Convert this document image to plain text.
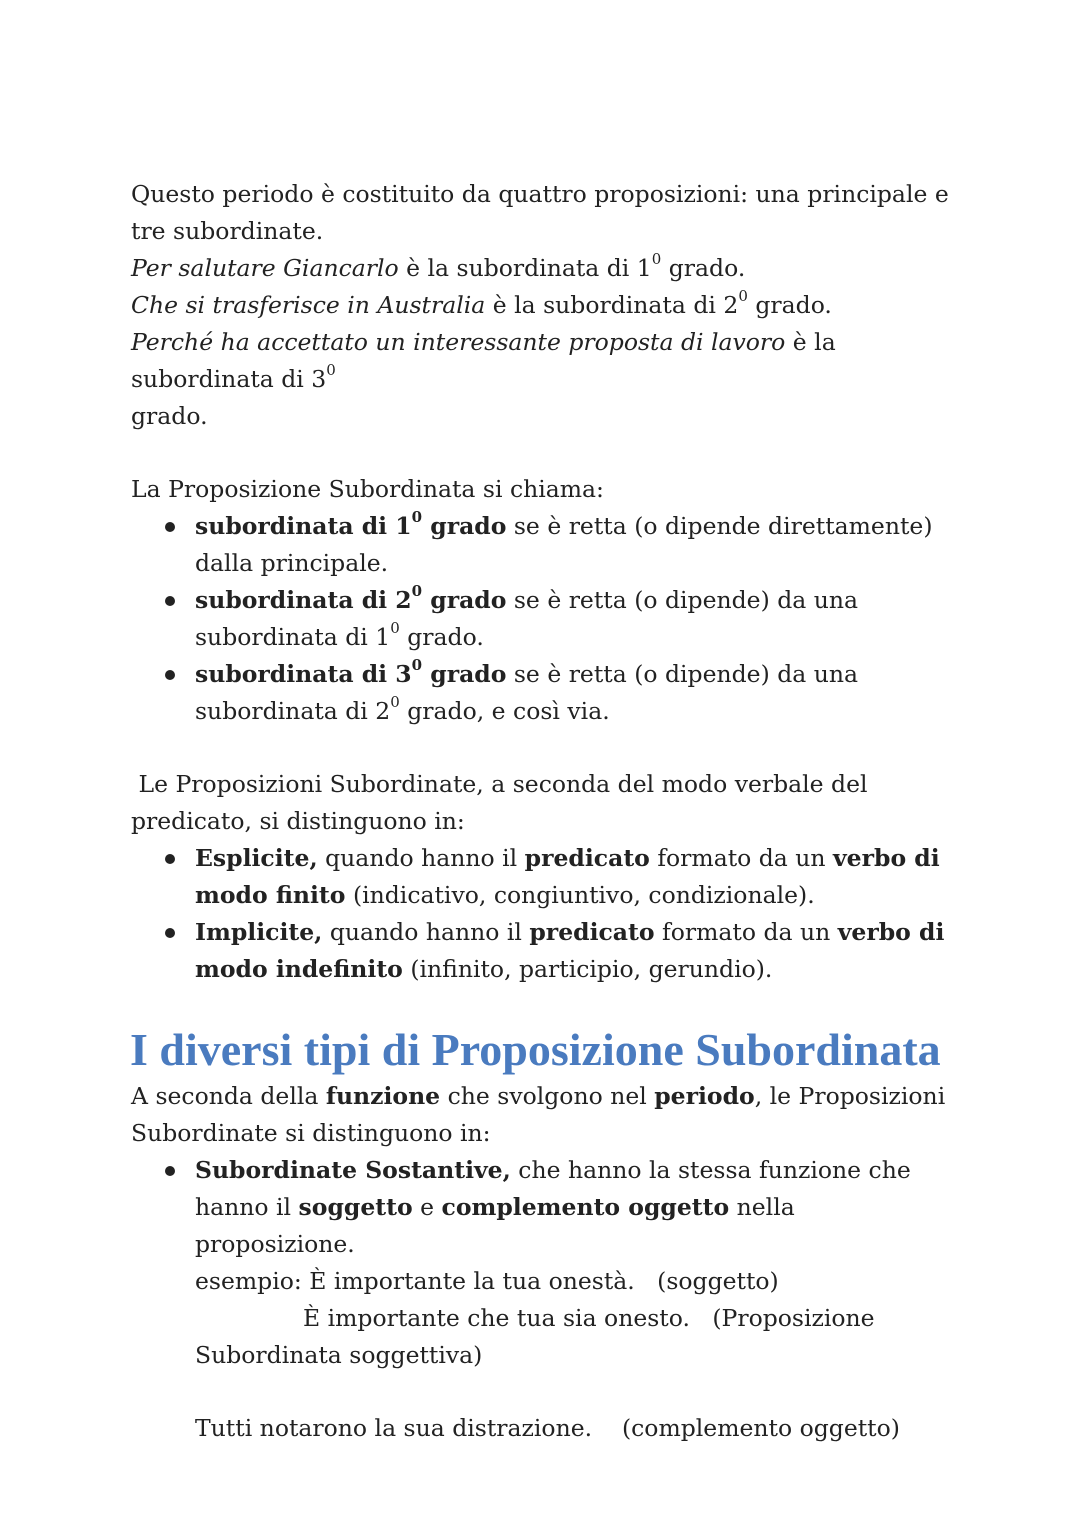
Questo periodo è costituito da quattro proposizioni: una principale e tre subordinate.

Per salutare Giancarlo è la subordinata di $1^0$ grado.

Che si trasferisce in Australia è la subordinata di $2^0$ grado.

Perché ha accettato un interessante proposta di lavoro è la subordinata di $3^0$
grado.

La Proposizione Subordinata si chiama:

subordinata di $1^0$ grado se è retta (o dipende direttamente) dalla principale.
subordinata di $2^0$ grado se è retta (o dipende) da una subordinata di $1^0$ grado.
subordinata di $3^0$ grado se è retta (o dipende) da una subordinata di $2^0$ grado, e così via.

Le Proposizioni Subordinate, a seconda del modo verbale del predicato, si distinguono in:

Esplicite, quando hanno il predicato formato da un verbo di modo finito (indicativo, congiuntivo, condizionale).
Implicite, quando hanno il predicato formato da un verbo di modo indefinito (infinito, participio, gerundio).
I diversi tipi di Proposizione Subordinata

A seconda della funzione che svolgono nel periodo, le Proposizioni Subordinate si distinguono in:

Subordinate Sostantive, che hanno la stessa funzione che hanno il soggetto e complemento oggetto nella proposizione.

esempio: È importante la tua onestà.   (soggetto)

È importante che tua sia onesto.   (Proposizione

Subordinata soggettiva)

Tutti notarono la sua distrazione.    (complemento oggetto)
